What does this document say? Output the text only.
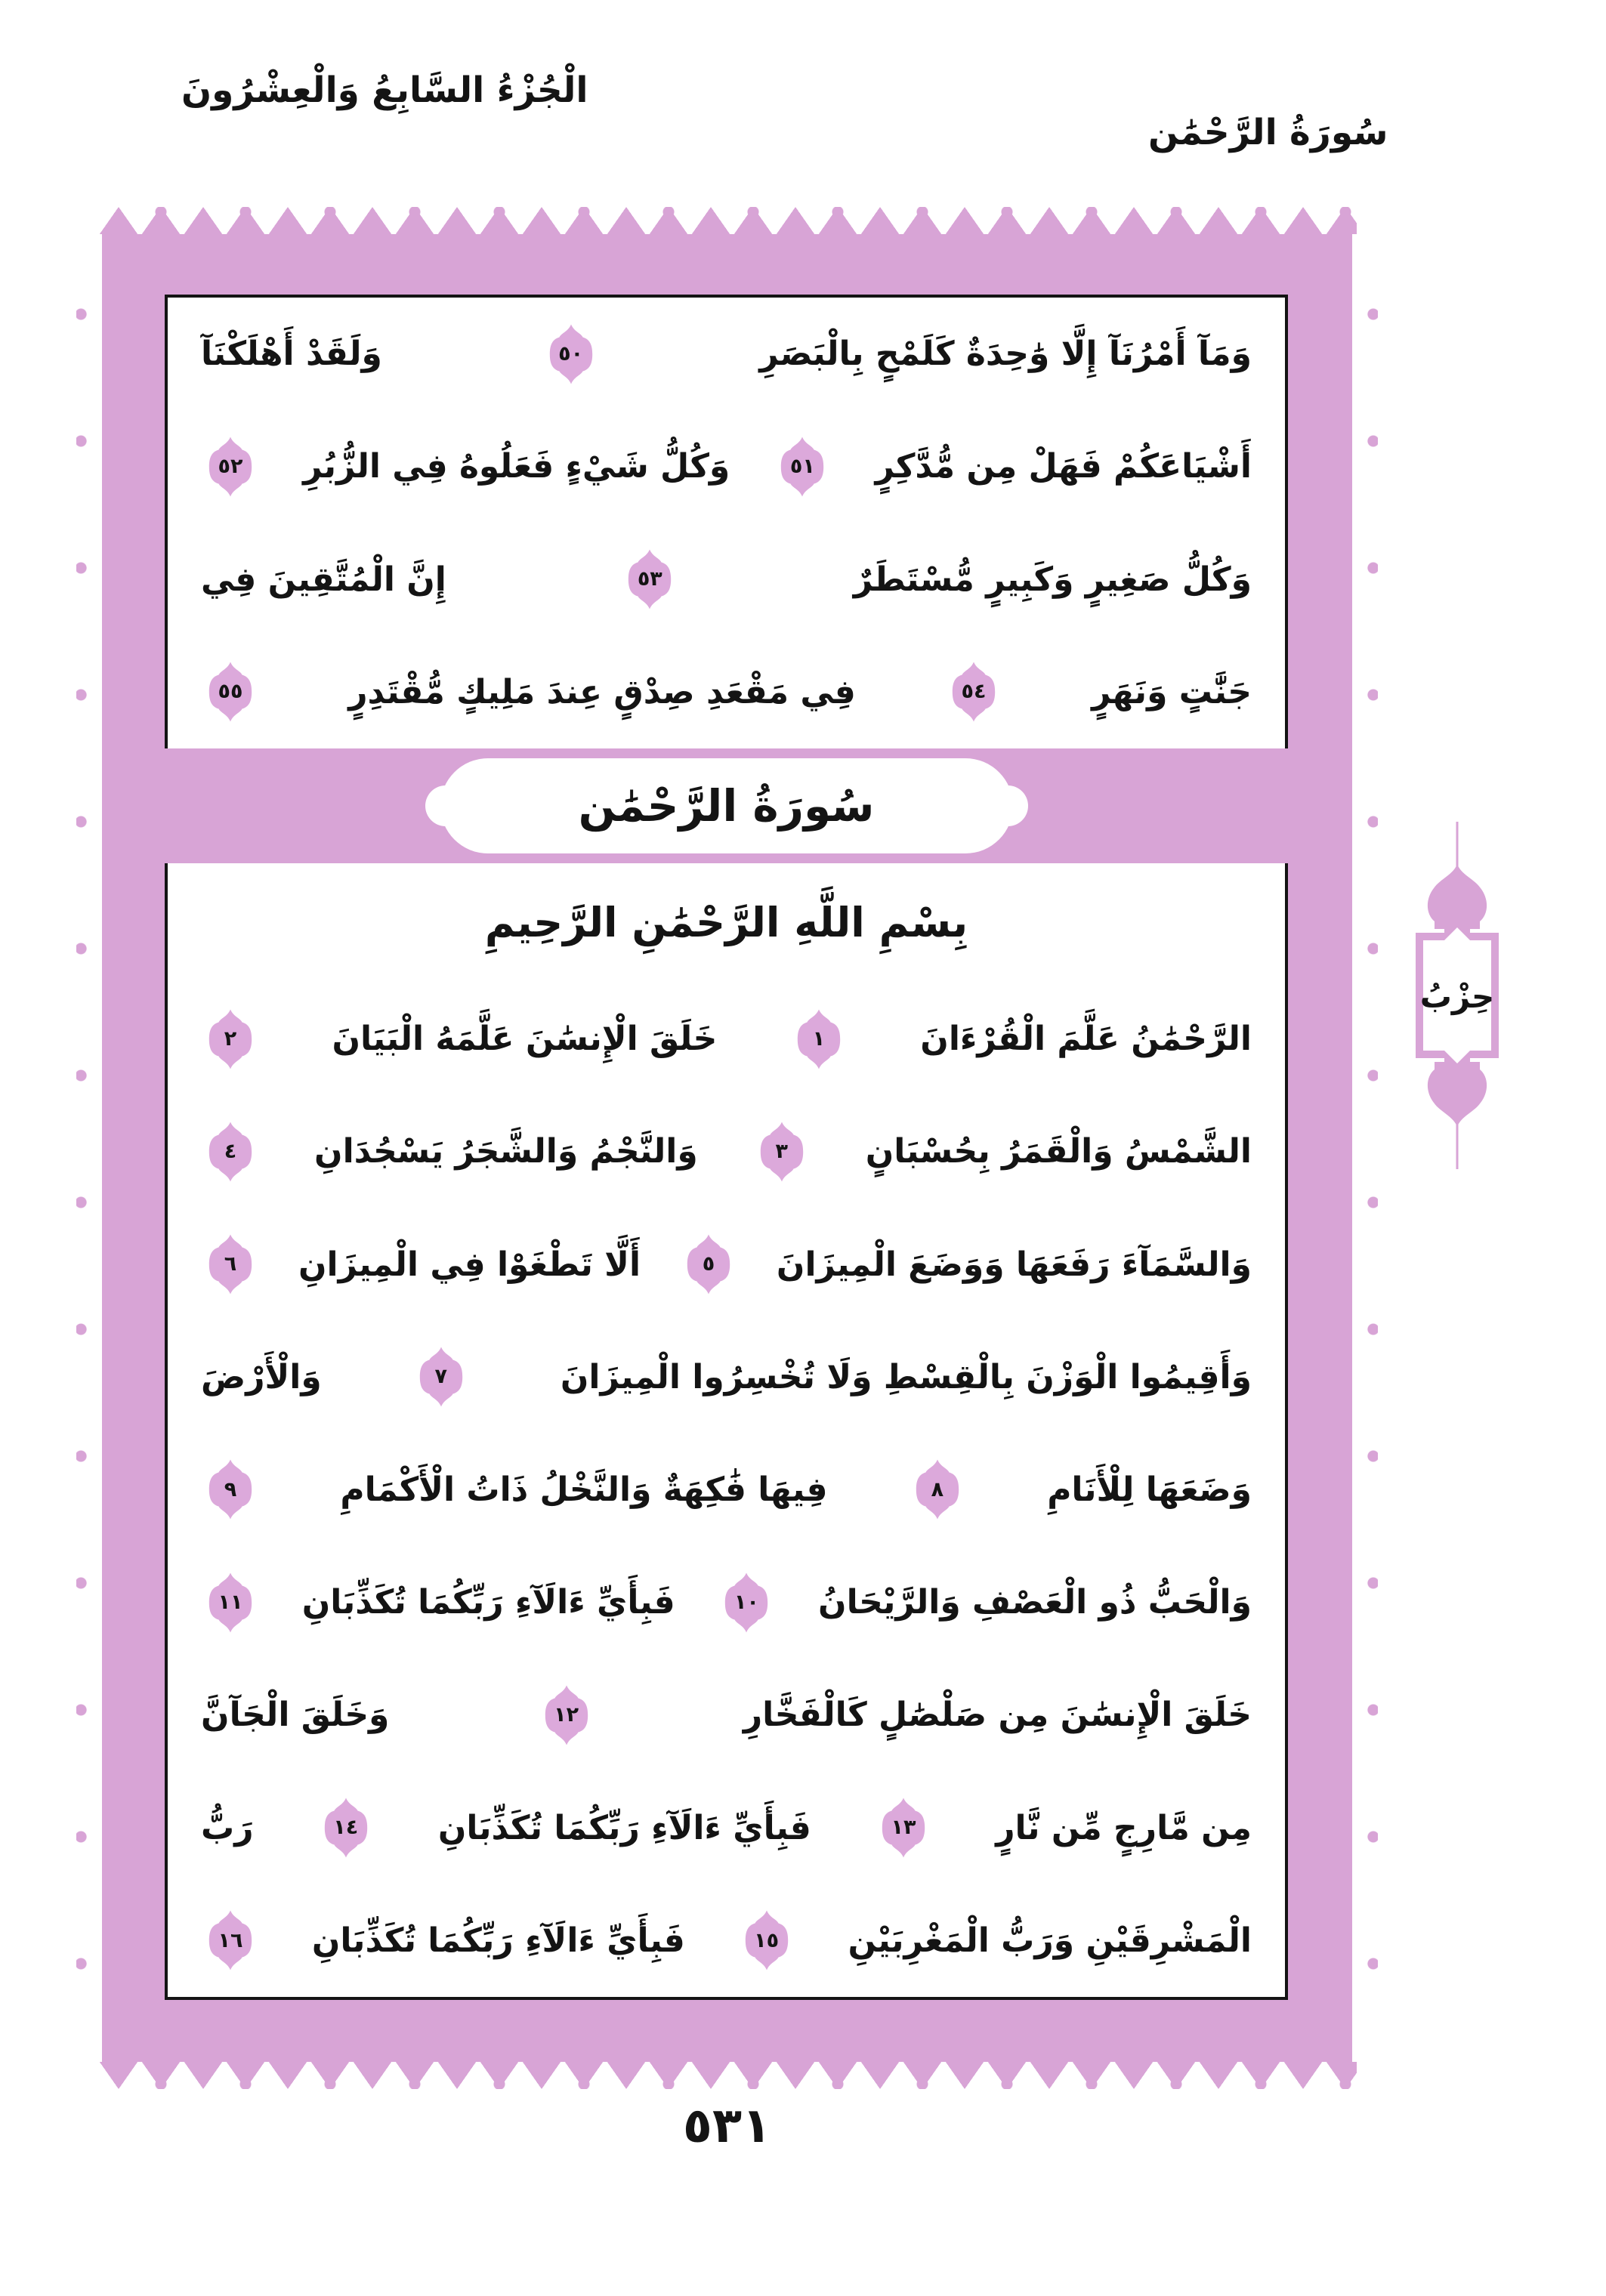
الْجُزْءُ السَّابِعُ وَالْعِشْرُونَ
سُورَةُ الرَّحْمَٰن
وَمَآ أَمْرُنَآ إِلَّا وَٰحِدَةٌ كَلَمْحٍ بِالْبَصَرِ
٥٠
وَلَقَدْ أَهْلَكْنَآ
أَشْيَاعَكُمْ فَهَلْ مِن مُّدَّكِرٍ
٥١
وَكُلُّ شَيْءٍ فَعَلُوهُ فِي الزُّبُرِ
٥٢
وَكُلُّ صَغِيرٍ وَكَبِيرٍ مُّسْتَطَرٌ
٥٣
إِنَّ الْمُتَّقِينَ فِي
جَنَّٰتٍ وَنَهَرٍ
٥٤
فِي مَقْعَدِ صِدْقٍ عِندَ مَلِيكٍ مُّقْتَدِرٍ
٥٥
سُورَةُ الرَّحْمَٰن
بِسْمِ اللَّهِ الرَّحْمَٰنِ الرَّحِيمِ
الرَّحْمَٰنُ عَلَّمَ الْقُرْءَانَ
١
خَلَقَ الْإِنسَٰنَ عَلَّمَهُ الْبَيَانَ
٢
الشَّمْسُ وَالْقَمَرُ بِحُسْبَانٍ
٣
وَالنَّجْمُ وَالشَّجَرُ يَسْجُدَانِ
٤
وَالسَّمَآءَ رَفَعَهَا وَوَضَعَ الْمِيزَانَ
٥
أَلَّا تَطْغَوْا فِي الْمِيزَانِ
٦
وَأَقِيمُوا الْوَزْنَ بِالْقِسْطِ وَلَا تُخْسِرُوا الْمِيزَانَ
٧
وَالْأَرْضَ
وَضَعَهَا لِلْأَنَامِ
٨
فِيهَا فَٰكِهَةٌ وَالنَّخْلُ ذَاتُ الْأَكْمَامِ
٩
وَالْحَبُّ ذُو الْعَصْفِ وَالرَّيْحَانُ
١٠
فَبِأَيِّ ءَالَآءِ رَبِّكُمَا تُكَذِّبَانِ
١١
خَلَقَ الْإِنسَٰنَ مِن صَلْصَٰلٍ كَالْفَخَّارِ
١٢
وَخَلَقَ الْجَآنَّ
مِن مَّارِجٍ مِّن نَّارٍ
١٣
فَبِأَيِّ ءَالَآءِ رَبِّكُمَا تُكَذِّبَانِ
١٤
رَبُّ
الْمَشْرِقَيْنِ وَرَبُّ الْمَغْرِبَيْنِ
١٥
فَبِأَيِّ ءَالَآءِ رَبِّكُمَا تُكَذِّبَانِ
١٦
حِزْبُ
٥٣١
